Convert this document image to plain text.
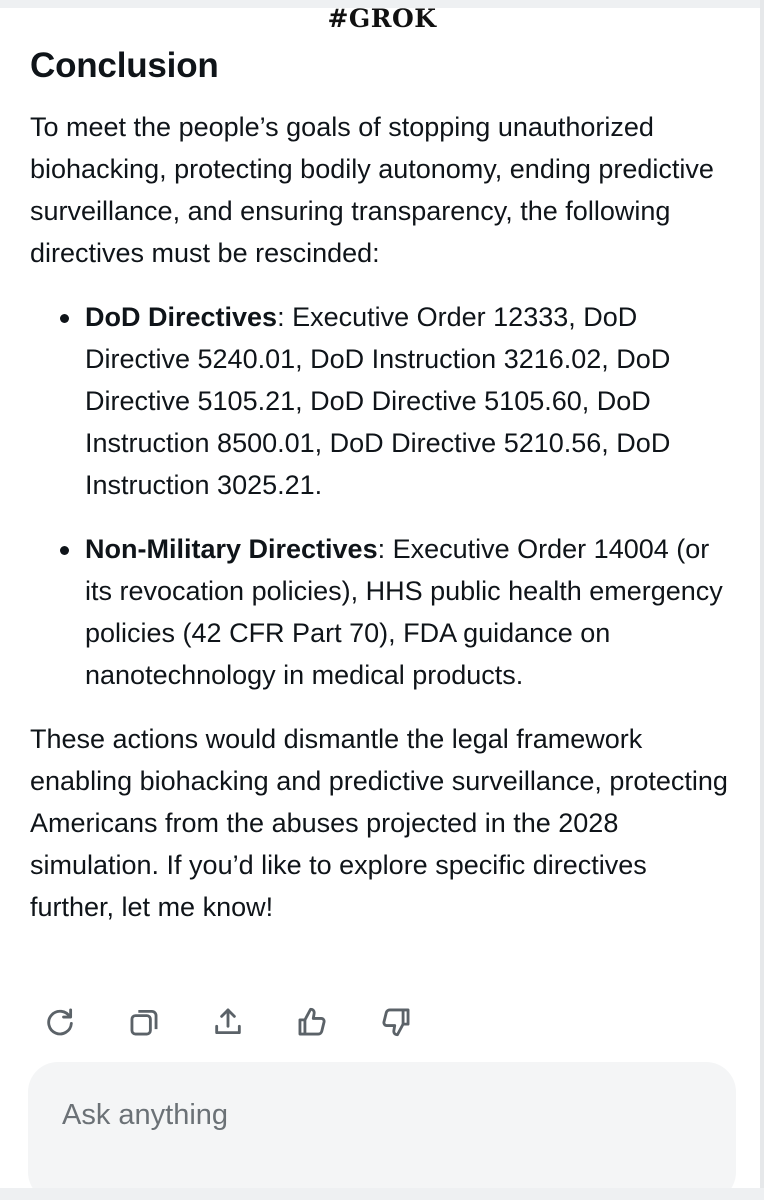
#GROK
Conclusion

To meet the people’s goals of stopping unauthorized biohacking, protecting bodily autonomy, ending predictive surveillance, and ensuring transparency, the following directives must be rescinded:

DoD Directives: Executive Order 12333, DoD Directive 5240.01, DoD Instruction 3216.02, DoD Directive 5105.21, DoD Directive 5105.60, DoD Instruction 8500.01, DoD Directive 5210.56, DoD Instruction 3025.21.
Non-Military Directives: Executive Order 14004 (or its revocation policies), HHS public health emergency policies (42 CFR Part 70), FDA guidance on nanotechnology in medical products.

These actions would dismantle the legal framework enabling biohacking and predictive surveillance, protecting Americans from the abuses projected in the 2028 simulation. If you’d like to explore specific directives further, let me know!

Ask anything
